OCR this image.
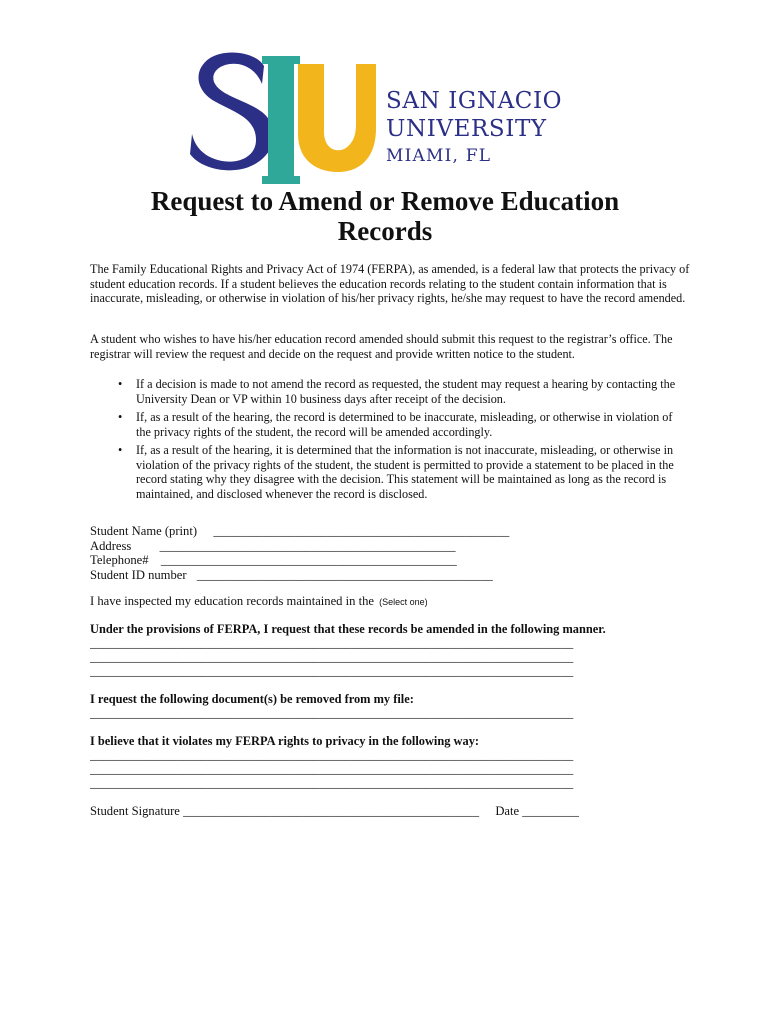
SAN IGNACIO
UNIVERSITY
MIAMI, FL
Request to Amend or Remove Education
Records
The Family Educational Rights and Privacy Act of 1974 (FERPA), as amended, is a federal law that protects the privacy of student education records. If a student believes the education records relating to the student contain information that is inaccurate, misleading, or otherwise in violation of his/her privacy rights, he/she may request to have the record amended.
A student who wishes to have his/her education record amended should submit this request to the registrar’s office. The registrar will review the request and decide on the request and provide written notice to the student.
• If a decision is made to not amend the record as requested, the student may request a hearing by contacting the University Dean or VP within 10 business days after receipt of the decision.
• If, as a result of the hearing, the record is determined to be inaccurate, misleading, or otherwise in violation of the privacy rights of the student, the record will be amended accordingly.
• If, as a result of the hearing, it is determined that the information is not inaccurate, misleading, or otherwise in violation of the privacy rights of the student, the student is permitted to provide a statement to be placed in the record stating why they disagree with the decision. This statement will be maintained as long as the record is maintained, and disclosed whenever the record is disclosed.
Student Name (print) _______________________________________________
Address _______________________________________________
Telephone# _______________________________________________
Student ID number _______________________________________________
I have inspected my education records maintained in the (Select one)
Under the provisions of FERPA, I request that these records be amended in the following manner.
______________________________________________________________________________
______________________________________________________________________________
______________________________________________________________________________
I request the following document(s) be removed from my file:
______________________________________________________________________________
I believe that it violates my FERPA rights to privacy in the following way:
______________________________________________________________________________
______________________________________________________________________________
______________________________________________________________________________
Student Signature _______________________________________________ Date _________
